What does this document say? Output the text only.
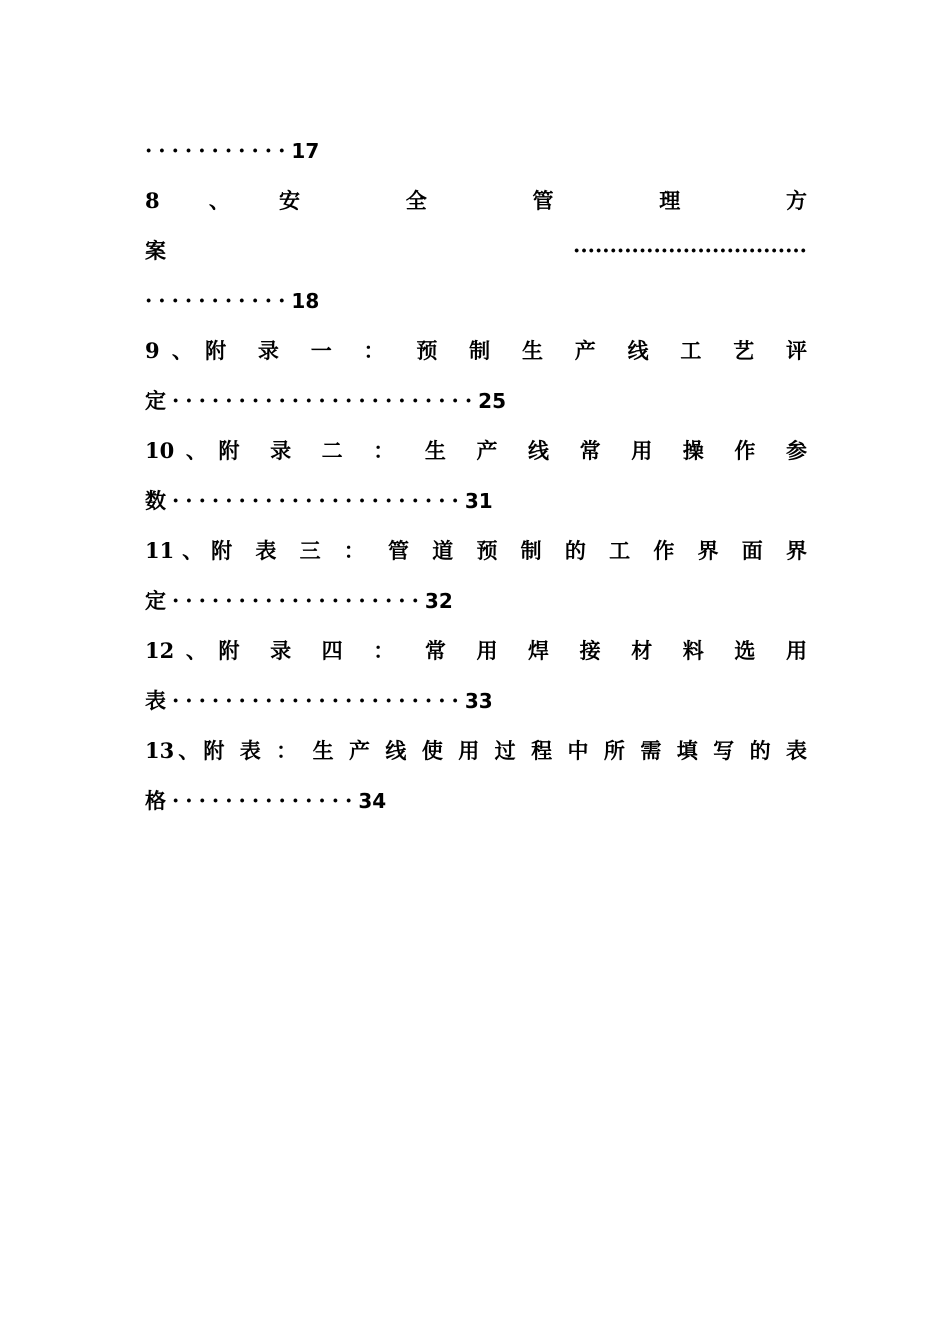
···········17
8、安 全 管 理 方
案 ································
···········18
9、附 录 一 ： 预 制 生 产 线 工 艺 评
定·······················25
10、附 录 二 ： 生 产 线 常 用 操 作 参
数······················31
11、附 表 三 ： 管 道 预 制 的 工 作 界 面 界
定···················32
12、附 录 四 ： 常 用 焊 接 材 料 选 用
表······················33
13、附 表 ： 生 产 线 使 用 过 程 中 所 需 填 写 的 表
格··············34
